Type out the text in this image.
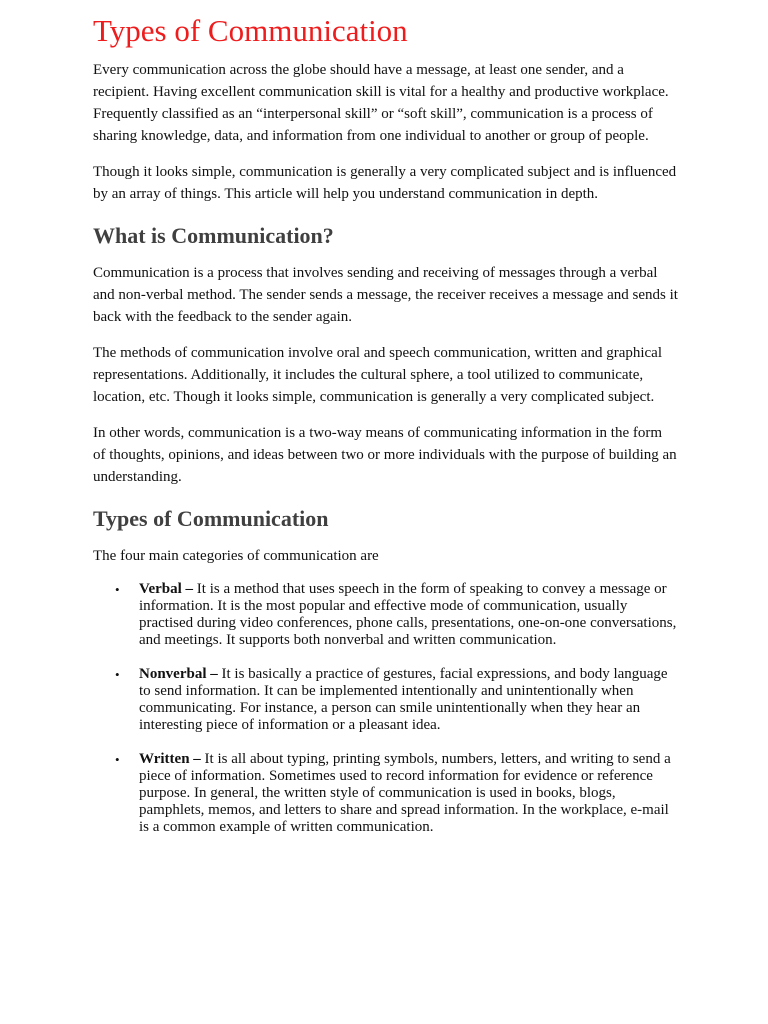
Types of Communication

Every communication across the globe should have a message, at least one sender, and a recipient. Having excellent communication skill is vital for a healthy and productive workplace. Frequently classified as an “interpersonal skill” or “soft skill”, communication is a process of sharing knowledge, data, and information from one individual to another or group of people.

Though it looks simple, communication is generally a very complicated subject and is influenced by an array of things. This article will help you understand communication in depth.

What is Communication?

Communication is a process that involves sending and receiving of messages through a verbal and non-verbal method. The sender sends a message, the receiver receives a message and sends it back with the feedback to the sender again.

The methods of communication involve oral and speech communication, written and graphical representations. Additionally, it includes the cultural sphere, a tool utilized to communicate, location, etc. Though it looks simple, communication is generally a very complicated subject.

In other words, communication is a two-way means of communicating information in the form of thoughts, opinions, and ideas between two or more individuals with the purpose of building an understanding.

Types of Communication

The four main categories of communication are

• Verbal – It is a method that uses speech in the form of speaking to convey a message or information. It is the most popular and effective mode of communication, usually practised during video conferences, phone calls, presentations, one-on-one conversations, and meetings. It supports both nonverbal and written communication.
• Nonverbal – It is basically a practice of gestures, facial expressions, and body language to send information. It can be implemented intentionally and unintentionally when communicating. For instance, a person can smile unintentionally when they hear an interesting piece of information or a pleasant idea.
• Written – It is all about typing, printing symbols, numbers, letters, and writing to send a piece of information. Sometimes used to record information for evidence or reference purpose. In general, the written style of communication is used in books, blogs, pamphlets, memos, and letters to share and spread information. In the workplace, e-mail is a common example of written communication.
